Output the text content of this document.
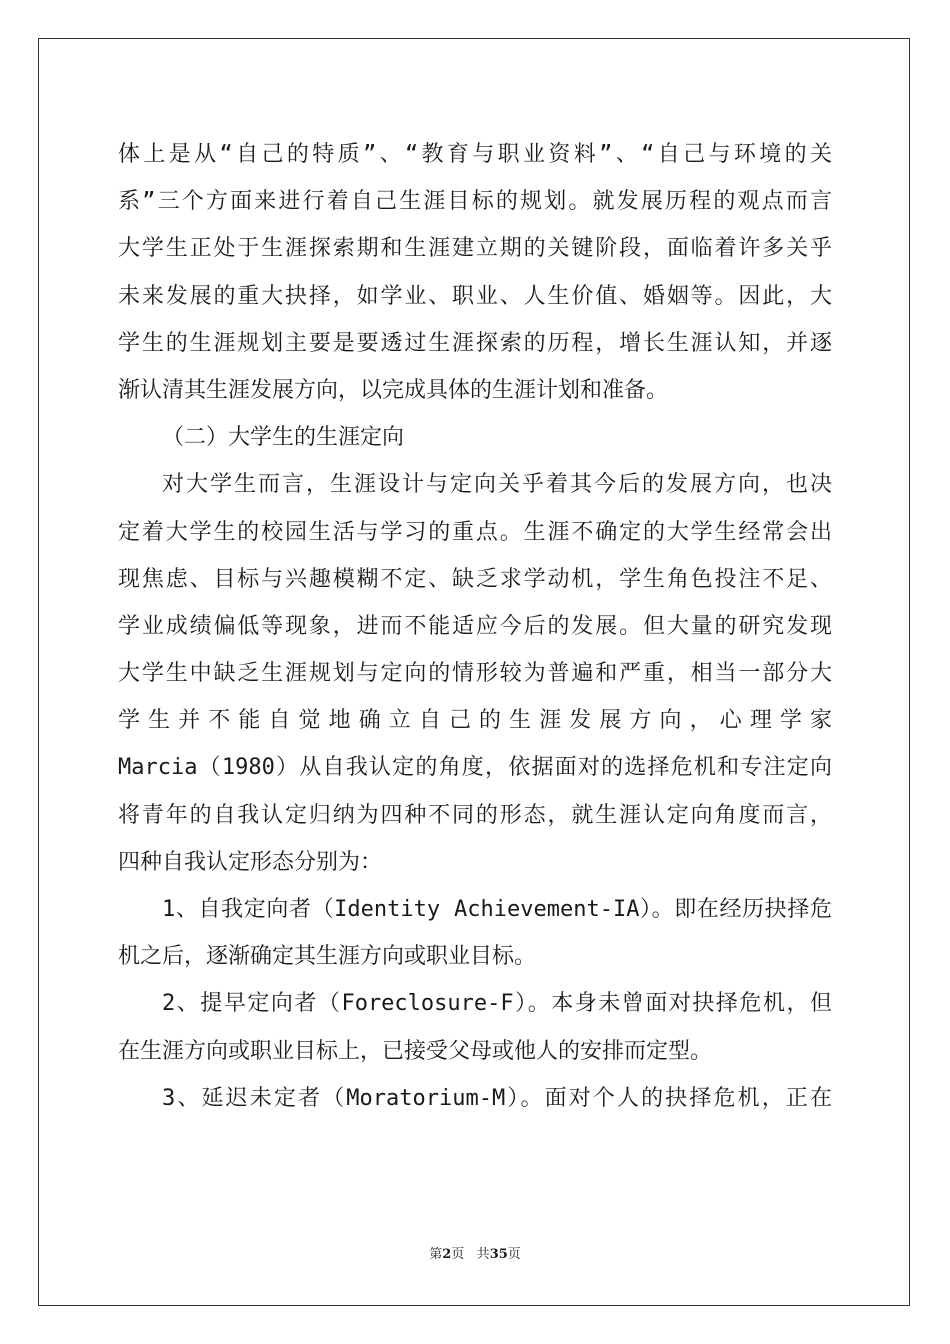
体上是从“自己的特质”、“教育与职业资料”、“自己与环境的关
系”三个方面来进行着自己生涯目标的规划。就发展历程的观点而言
大学生正处于生涯探索期和生涯建立期的关键阶段，面临着许多关乎
未来发展的重大抉择，如学业、职业、人生价值、婚姻等。因此，大
学生的生涯规划主要是要透过生涯探索的历程，增长生涯认知，并逐
渐认清其生涯发展方向，以完成具体的生涯计划和准备。
（二）大学生的生涯定向
对大学生而言，生涯设计与定向关乎着其今后的发展方向，也决
定着大学生的校园生活与学习的重点。生涯不确定的大学生经常会出
现焦虑、目标与兴趣模糊不定、缺乏求学动机，学生角色投注不足、
学业成绩偏低等现象，进而不能适应今后的发展。但大量的研究发现
大学生中缺乏生涯规划与定向的情形较为普遍和严重，相当一部分大
学生并不能自觉地确立自己的生涯发展方向，心理学家
Marcia（1980）从自我认定的角度，依据面对的选择危机和专注定向
将青年的自我认定归纳为四种不同的形态，就生涯认定向角度而言，
四种自我认定形态分别为：
1、自我定向者（Identity Achievement-IA）。即在经历抉择危
机之后，逐渐确定其生涯方向或职业目标。
2、提早定向者（Foreclosure-F）。本身未曾面对抉择危机，但
在生涯方向或职业目标上，已接受父母或他人的安排而定型。
3、延迟未定者（Moratorium-M）。面对个人的抉择危机，正在
第2页 共35页
